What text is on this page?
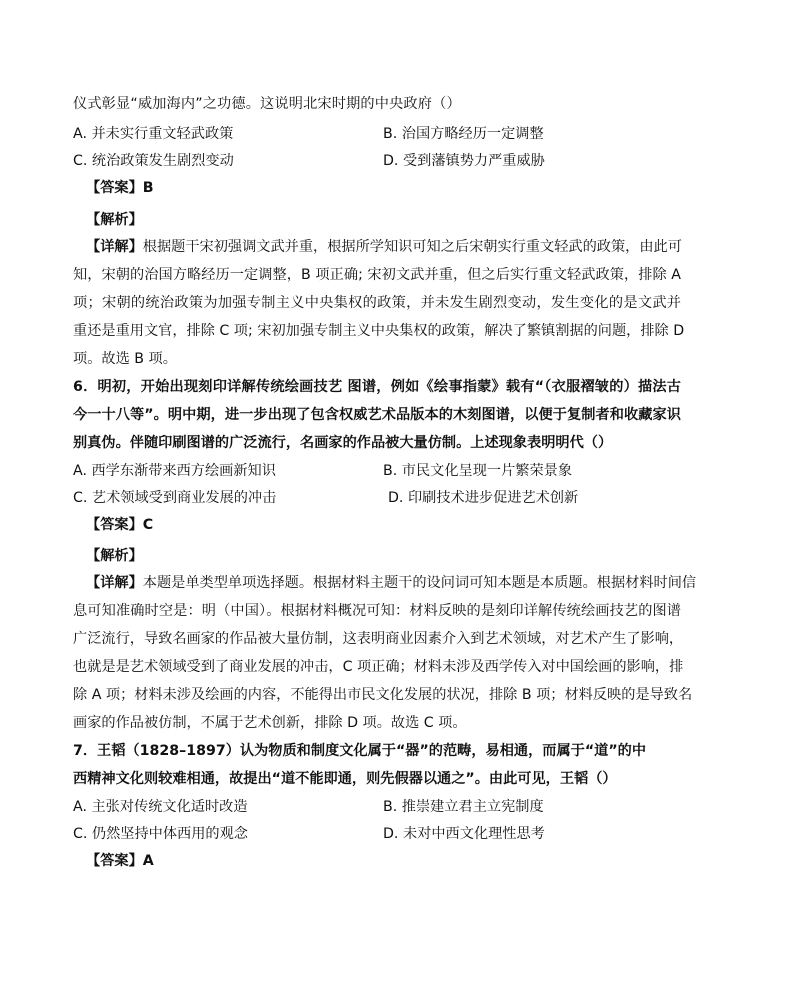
仪式彰显“威加海内”之功德。这说明北宋时期的中央政府（）
A. 并未实行重文轻武政策	B. 治国方略经历一定调整
C. 统治政策发生剧烈变动	D. 受到藩镇势力严重威胁
【答案】B
【解析】

【详解】根据题干宋初强调文武并重，根据所学知识可知之后宋朝实行重文轻武的政策，由此可

知，宋朝的治国方略经历一定调整，B 项正确; 宋初文武并重，但之后实行重文轻武政策，排除 A

项；宋朝的统治政策为加强专制主义中央集权的政策，并未发生剧烈变动，发生变化的是文武并

重还是重用文官，排除 C 项; 宋初加强专制主义中央集权的政策，解决了繁镇割据的问题，排除 D

项。故选 B 项。

6．明初，开始出现刻印详解传统绘画技艺 图谱，例如《绘事指蒙》载有“（衣服褶皱的）描法古

今一十八等”。明中期，进一步出现了包含权威艺术品版本的木刻图谱，以便于复制者和收藏家识

别真伪。伴随印刷图谱的广泛流行，名画家的作品被大量仿制。上述现象表明明代（）

A. 西学东渐带来西方绘画新知识	B. 市民文化呈现一片繁荣景象
C. 艺术领域受到商业发展的冲击	D. 印刷技术进步促进艺术创新
【答案】C
【解析】

【详解】本题是单类型单项选择题。根据材料主题干的设问词可知本题是本质题。根据材料时间信

息可知准确时空是：明（中国）。根据材料概况可知：材料反映的是刻印详解传统绘画技艺的图谱

广泛流行，导致名画家的作品被大量仿制，这表明商业因素介入到艺术领域，对艺术产生了影响，

也就是是艺术领域受到了商业发展的冲击，C 项正确；材料未涉及西学传入对中国绘画的影响，排

除 A 项；材料未涉及绘画的内容，不能得出市民文化发展的状况，排除 B 项；材料反映的是导致名

画家的作品被仿制，不属于艺术创新，排除 D 项。故选 C 项。

7．王韬（1828–1897）认为物质和制度文化属于“器”的范畴，易相通，而属于“道”的中

西精神文化则较难相通，故提出“道不能即通，则先假器以通之”。由此可见，王韬（）

A. 主张对传统文化适时改造	B. 推崇建立君主立宪制度
C. 仍然坚持中体西用的观念	D. 未对中西文化理性思考
【答案】A
